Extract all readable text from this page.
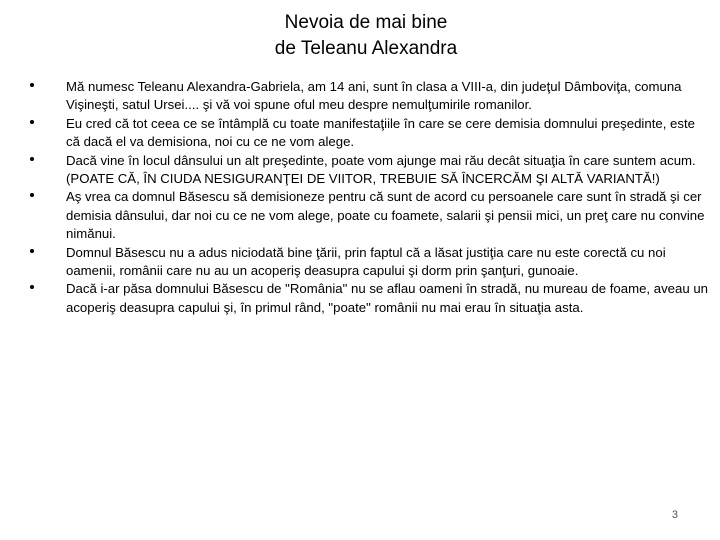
Nevoia de mai bine
de Teleanu Alexandra
Mă numesc Teleanu Alexandra-Gabriela, am 14 ani, sunt în clasa a VIII-a, din judeţul Dâmboviţa, comuna Vişineşti, satul Ursei.... şi vă voi spune oful meu despre nemulţumirile romanilor.
Eu cred că tot ceea ce se întâmplă cu toate manifestaţiile în care se cere demisia domnului preşedinte, este că dacă el va demisiona, noi cu ce ne vom alege.
Dacă vine în locul dânsului un alt preşedinte, poate vom ajunge mai rău decât situaţia în care suntem acum. (POATE CĂ, ÎN CIUDA NESIGURANŢEI DE VIITOR, TREBUIE SĂ ÎNCERCĂM ŞI ALTĂ VARIANTĂ!)
Aş vrea ca domnul Băsescu să demisioneze pentru că sunt de acord cu persoanele care sunt în stradă şi cer demisia dânsului, dar noi cu ce ne vom alege, poate cu foamete, salarii şi pensii mici, un preţ care nu convine nimănui.
Domnul Băsescu nu a adus niciodată bine ţării, prin faptul că a lăsat justiţia care nu este corectă cu noi oamenii, românii care nu au un acoperiş deasupra capului şi dorm prin şanţuri, gunoaie.
Dacă i-ar păsa domnului Băsescu de "România" nu se aflau oameni în stradă, nu mureau de foame, aveau un acoperiş deasupra capului şi, în primul rând, "poate" românii nu mai erau în situaţia asta.
3
